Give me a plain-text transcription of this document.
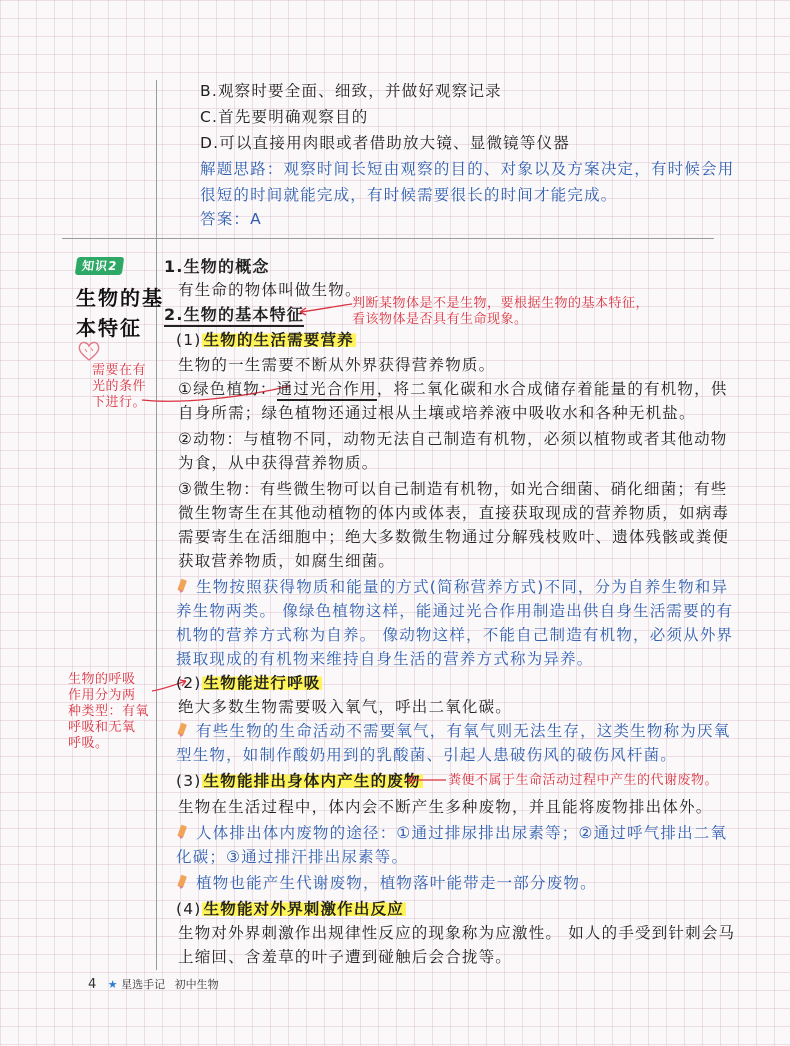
B.观察时要全面、细致，并做好观察记录
C.首先要明确观察目的
D.可以直接用肉眼或者借助放大镜、显微镜等仪器
解题思路：观察时间长短由观察的目的、对象以及方案决定，有时候会用
很短的时间就能完成，有时候需要很长的时间才能完成。
答案：A
知识2
生物的基
本特征
需要在有
光的条件
下进行。
生物的呼吸
作用分为两
种类型：有氧
呼吸和无氧
呼吸。
1.生物的概念
有生命的物体叫做生物。
2.生物的基本特征
判断某物体是不是生物，要根据生物的基本特征，
看该物体是否具有生命现象。
(1) 生物的生活需要营养
生物的一生需要不断从外界获得营养物质。
①绿色植物：通过光合作用，将二氧化碳和水合成储存着能量的有机物，供
自身所需；绿色植物还通过根从土壤或培养液中吸收水和各种无机盐。
②动物：与植物不同，动物无法自己制造有机物，必须以植物或者其他动物
为食，从中获得营养物质。
③微生物：有些微生物可以自己制造有机物，如光合细菌、硝化细菌；有些
微生物寄生在其他动植物的体内或体表，直接获取现成的营养物质，如病毒
需要寄生在活细胞中；绝大多数微生物通过分解残枝败叶、遗体残骸或粪便
获取营养物质，如腐生细菌。
生物按照获得物质和能量的方式(简称营养方式)不同，分为自养生物和异
养生物两类。 像绿色植物这样，能通过光合作用制造出供自身生活需要的有
机物的营养方式称为自养。 像动物这样，不能自己制造有机物，必须从外界
摄取现成的有机物来维持自身生活的营养方式称为异养。
(2) 生物能进行呼吸
绝大多数生物需要吸入氧气，呼出二氧化碳。
有些生物的生命活动不需要氧气，有氧气则无法生存，这类生物称为厌氧
型生物，如制作酸奶用到的乳酸菌、引起人患破伤风的破伤风杆菌。
(3) 生物能排出身体内产生的废物 粪便不属于生命活动过程中产生的代谢废物。
生物在生活过程中，体内会不断产生多种废物，并且能将废物排出体外。
人体排出体内废物的途径：①通过排尿排出尿素等；②通过呼气排出二氧
化碳；③通过排汗排出尿素等。
植物也能产生代谢废物，植物落叶能带走一部分废物。
(4) 生物能对外界刺激作出反应
生物对外界刺激作出规律性反应的现象称为应激性。 如人的手受到针刺会马
上缩回、含羞草的叶子遭到碰触后会合拢等。
4 ★ 星选手记 初中生物
